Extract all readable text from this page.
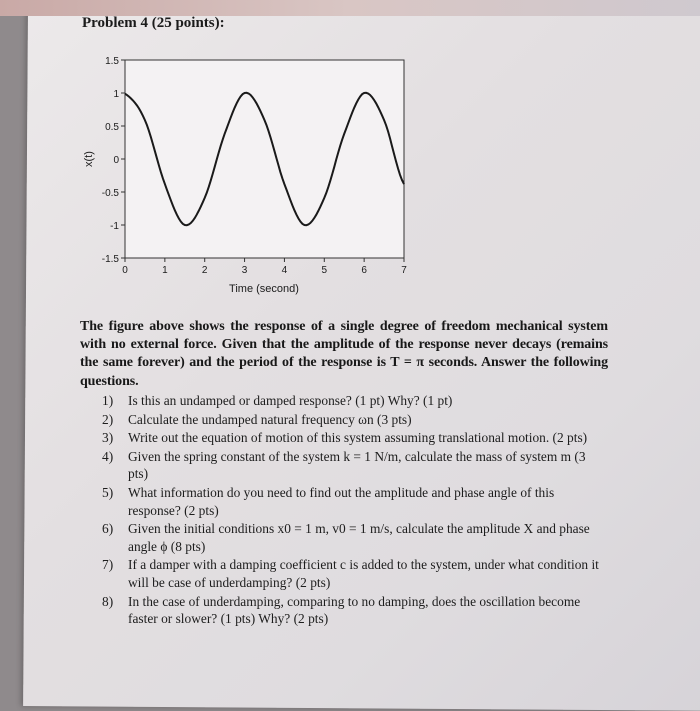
Problem 4 (25 points):
1.5
1
0.5
0
-0.5
-1
-1.5
0	1	2	3	4	5	6	7
Time (second)
x(t)
The figure above shows the response of a single degree of freedom mechanical system with no external force. Given that the amplitude of the response never decays (remains the same forever) and the period of the response is T = π seconds. Answer the following questions.
1) Is this an undamped or damped response? (1 pt) Why? (1 pt)
2) Calculate the undamped natural frequency ωn (3 pts)
3) Write out the equation of motion of this system assuming translational motion. (2 pts)
4) Given the spring constant of the system k = 1 N/m, calculate the mass of system m (3 pts)
5) What information do you need to find out the amplitude and phase angle of this response? (2 pts)
6) Given the initial conditions x0 = 1 m, v0 = 1 m/s, calculate the amplitude X and phase angle ϕ (8 pts)
7) If a damper with a damping coefficient c is added to the system, under what condition it will be case of underdamping? (2 pts)
8) In the case of underdamping, comparing to no damping, does the oscillation become faster or slower? (1 pts) Why? (2 pts)
